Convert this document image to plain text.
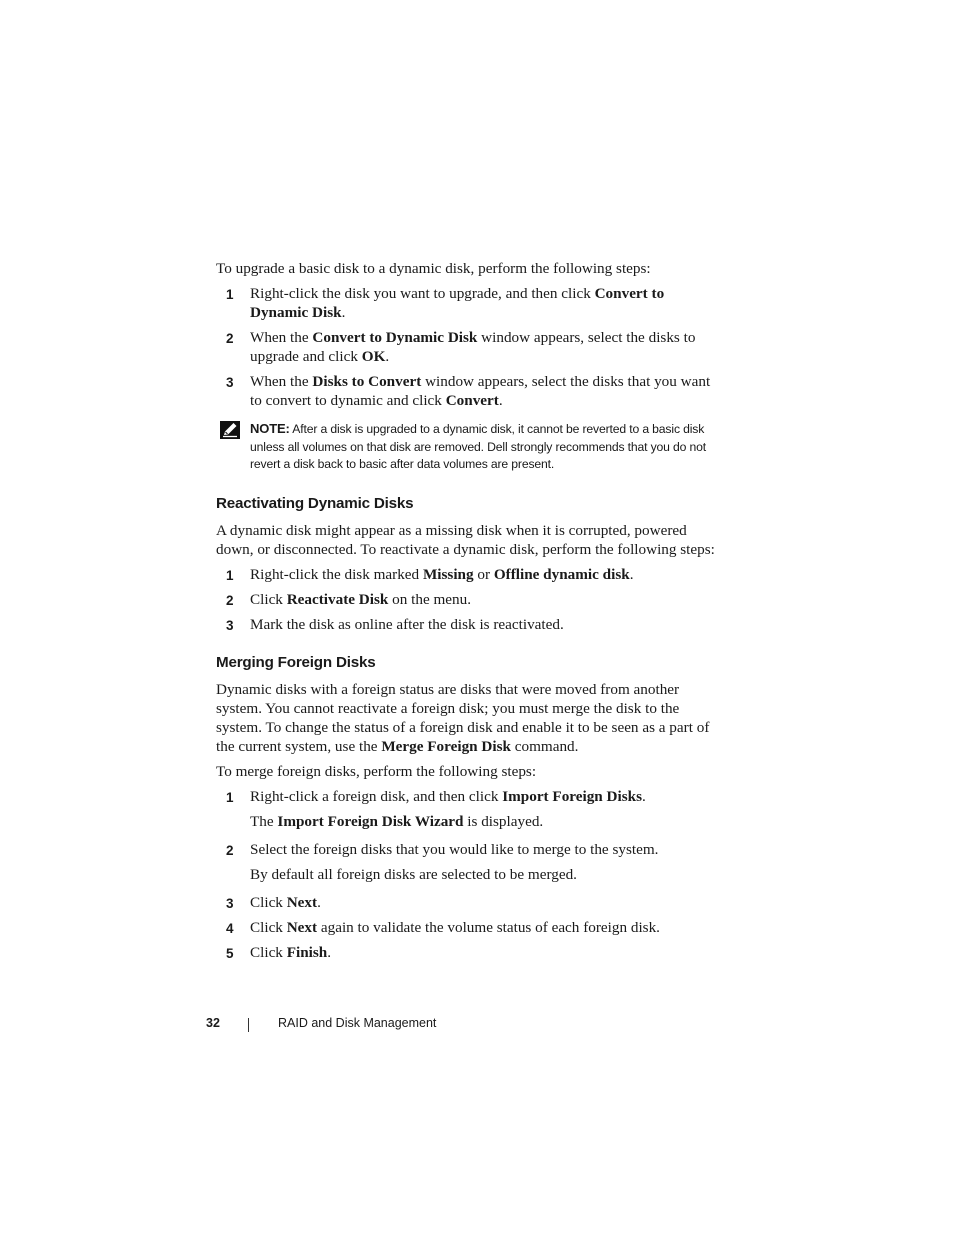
To upgrade a basic disk to a dynamic disk, perform the following steps:

1 Right-click the disk you want to upgrade, and then click Convert to Dynamic Disk.
2 When the Convert to Dynamic Disk window appears, select the disks to upgrade and click OK.
3 When the Disks to Convert window appears, select the disks that you want to convert to dynamic and click Convert.
NOTE: After a disk is upgraded to a dynamic disk, it cannot be reverted to a basic disk unless all volumes on that disk are removed. Dell strongly recommends that you do not revert a disk back to basic after data volumes are present.
Reactivating Dynamic Disks

A dynamic disk might appear as a missing disk when it is corrupted, powered down, or disconnected. To reactivate a dynamic disk, perform the following steps:

1 Right-click the disk marked Missing or Offline dynamic disk.
2 Click Reactivate Disk on the menu.
3 Mark the disk as online after the disk is reactivated.
Merging Foreign Disks

Dynamic disks with a foreign status are disks that were moved from another system. You cannot reactivate a foreign disk; you must merge the disk to the system. To change the status of a foreign disk and enable it to be seen as a part of the current system, use the Merge Foreign Disk command.

To merge foreign disks, perform the following steps:

1 Right-click a foreign disk, and then click Import Foreign Disks.
The Import Foreign Disk Wizard is displayed.
2 Select the foreign disks that you would like to merge to the system.
By default all foreign disks are selected to be merged.
3 Click Next.
4 Click Next again to validate the volume status of each foreign disk.
5 Click Finish.
32	RAID and Disk Management
